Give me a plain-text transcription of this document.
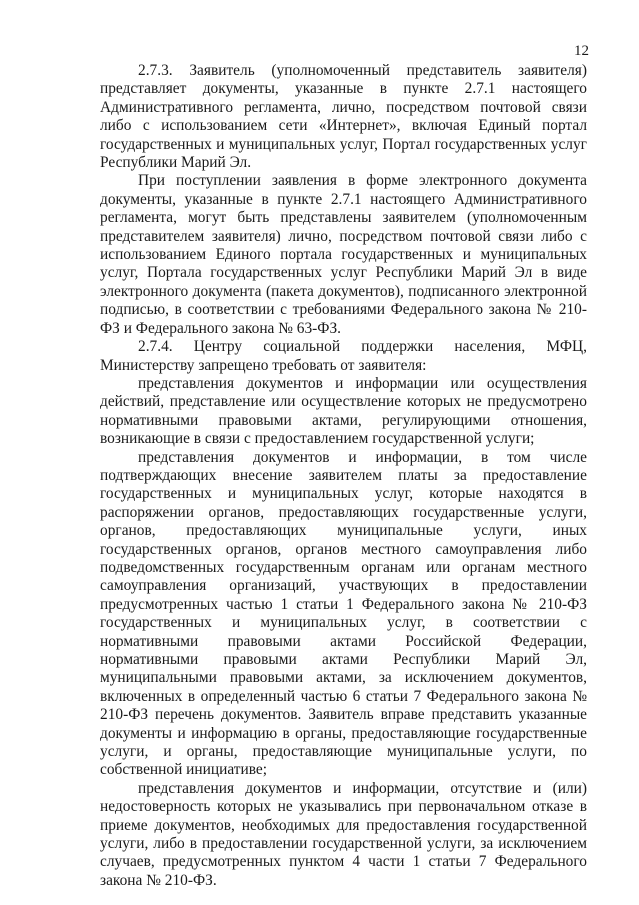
12

2.7.3. Заявитель (уполномоченный представитель заявителя) представляет документы, указанные в пункте 2.7.1 настоящего Административного регламента, лично, посредством почтовой связи либо с использованием сети «Интернет», включая Единый портал государственных и муниципальных услуг, Портал государственных услуг Республики Марий Эл.

При поступлении заявления в форме электронного документа документы, указанные в пункте 2.7.1 настоящего Административного регламента, могут быть представлены заявителем (уполномоченным представителем заявителя) лично, посредством почтовой связи либо с использованием Единого портала государственных и муниципальных услуг, Портала государственных услуг Республики Марий Эл в виде электронного документа (пакета документов), подписанного электронной подписью, в соответствии с требованиями Федерального закона № 210-ФЗ и Федерального закона № 63-ФЗ.

2.7.4. Центру социальной поддержки населения, МФЦ, Министерству запрещено требовать от заявителя:

представления документов и информации или осуществления действий, представление или осуществление которых не предусмотрено нормативными правовыми актами, регулирующими отношения, возникающие в связи с предоставлением государственной услуги;

представления документов и информации, в том числе подтверждающих внесение заявителем платы за предоставление государственных и муниципальных услуг, которые находятся в распоряжении органов, предоставляющих государственные услуги, органов, предоставляющих муниципальные услуги, иных государственных органов, органов местного самоуправления либо подведомственных государственным органам или органам местного самоуправления организаций, участвующих в предоставлении предусмотренных частью 1 статьи 1 Федерального закона № 210-ФЗ государственных и муниципальных услуг, в соответствии с нормативными правовыми актами Российской Федерации, нормативными правовыми актами Республики Марий Эл, муниципальными правовыми актами, за исключением документов, включенных в определенный частью 6 статьи 7 Федерального закона № 210-ФЗ перечень документов. Заявитель вправе представить указанные документы и информацию в органы, предоставляющие государственные услуги, и органы, предоставляющие муниципальные услуги, по собственной инициативе;

представления документов и информации, отсутствие и (или) недостоверность которых не указывались при первоначальном отказе в приеме документов, необходимых для предоставления государственной услуги, либо в предоставлении государственной услуги, за исключением случаев, предусмотренных пунктом 4 части 1 статьи 7 Федерального закона № 210-ФЗ.
